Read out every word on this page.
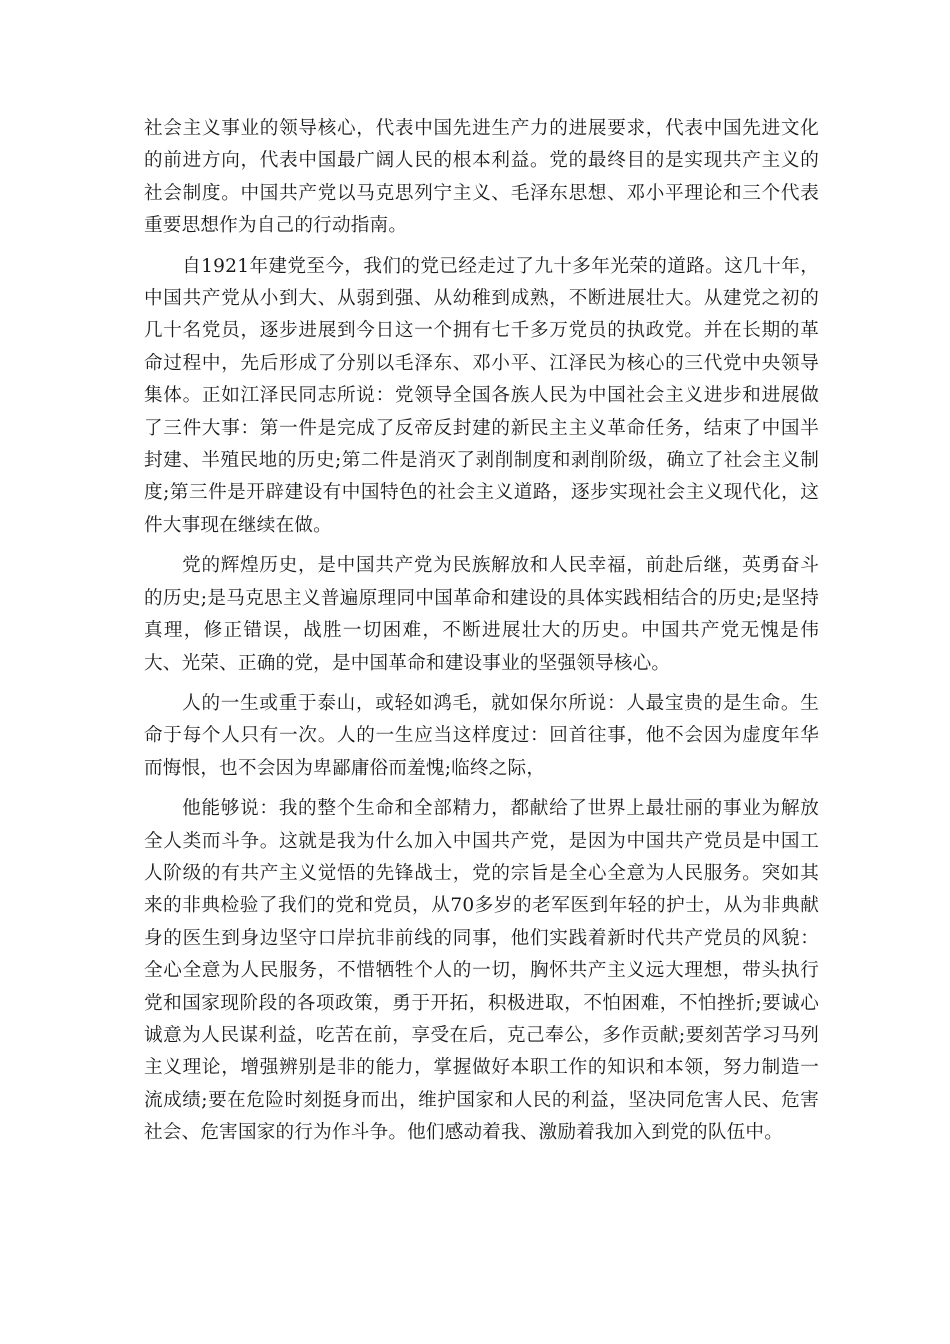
社会主义事业的领导核心，代表中国先进生产力的进展要求，代表中国先进文化的前进方向，代表中国最广阔人民的根本利益。党的最终目的是实现共产主义的社会制度。中国共产党以马克思列宁主义、毛泽东思想、邓小平理论和三个代表重要思想作为自己的行动指南。

自1921年建党至今，我们的党已经走过了九十多年光荣的道路。这几十年，中国共产党从小到大、从弱到强、从幼稚到成熟，不断进展壮大。从建党之初的几十名党员，逐步进展到今日这一个拥有七千多万党员的执政党。并在长期的革命过程中，先后形成了分别以毛泽东、邓小平、江泽民为核心的三代党中央领导集体。正如江泽民同志所说：党领导全国各族人民为中国社会主义进步和进展做了三件大事：第一件是完成了反帝反封建的新民主主义革命任务，结束了中国半封建、半殖民地的历史;第二件是消灭了剥削制度和剥削阶级，确立了社会主义制度;第三件是开辟建设有中国特色的社会主义道路，逐步实现社会主义现代化，这件大事现在继续在做。

党的辉煌历史，是中国共产党为民族解放和人民幸福，前赴后继，英勇奋斗的历史;是马克思主义普遍原理同中国革命和建设的具体实践相结合的历史;是坚持真理，修正错误，战胜一切困难，不断进展壮大的历史。中国共产党无愧是伟大、光荣、正确的党，是中国革命和建设事业的坚强领导核心。

人的一生或重于泰山，或轻如鸿毛，就如保尔所说：人最宝贵的是生命。生命于每个人只有一次。人的一生应当这样度过：回首往事，他不会因为虚度年华而悔恨，也不会因为卑鄙庸俗而羞愧;临终之际，

他能够说：我的整个生命和全部精力，都献给了世界上最壮丽的事业为解放全人类而斗争。这就是我为什么加入中国共产党，是因为中国共产党员是中国工人阶级的有共产主义觉悟的先锋战士，党的宗旨是全心全意为人民服务。突如其来的非典检验了我们的党和党员，从70多岁的老军医到年轻的护士，从为非典献身的医生到身边坚守口岸抗非前线的同事，他们实践着新时代共产党员的风貌：全心全意为人民服务，不惜牺牲个人的一切，胸怀共产主义远大理想，带头执行党和国家现阶段的各项政策，勇于开拓，积极进取，不怕困难，不怕挫折;要诚心诚意为人民谋利益，吃苦在前，享受在后，克己奉公，多作贡献;要刻苦学习马列主义理论，增强辨别是非的能力，掌握做好本职工作的知识和本领，努力制造一流成绩;要在危险时刻挺身而出，维护国家和人民的利益，坚决同危害人民、危害社会、危害国家的行为作斗争。他们感动着我、激励着我加入到党的队伍中。
